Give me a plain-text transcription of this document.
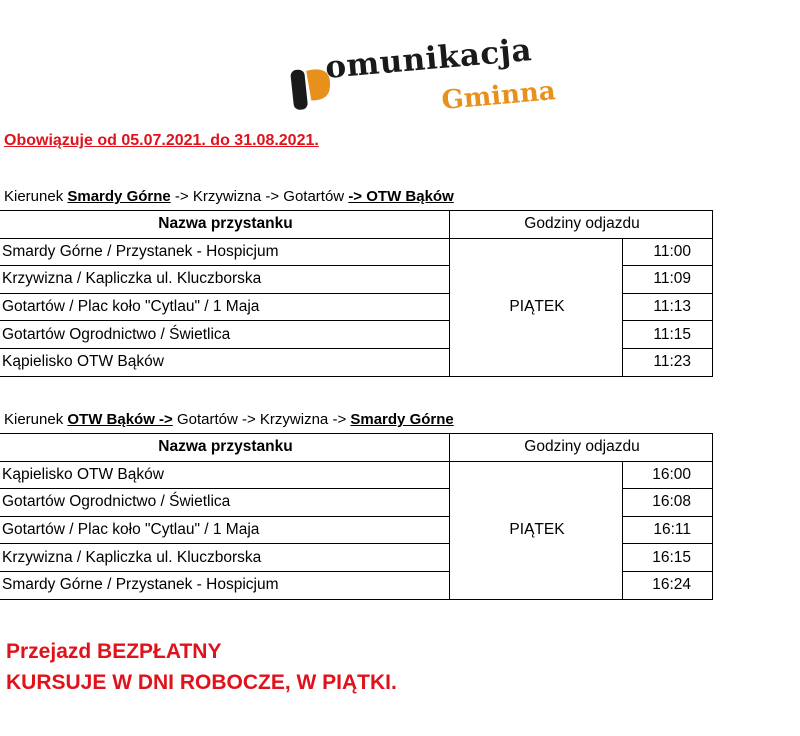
omunikacja
Gminna
Obowiązuje od 05.07.2021. do 31.08.2021.
Kierunek Smardy Górne -> Krzywizna -> Gotartów -> OTW Bąków
Nazwa przystanku	Godziny odjazdu	
Smardy Górne / Przystanek - Hospicjum	PIĄTEK	11:00
Krzywizna / Kapliczka ul. Kluczborska		11:09
Gotartów / Plac koło "Cytlau" / 1 Maja		11:13
Gotartów Ogrodnictwo / Świetlica		11:15
Kąpielisko OTW Bąków		11:23
Kierunek OTW Bąków -> Gotartów -> Krzywizna -> Smardy Górne
Nazwa przystanku	Godziny odjazdu	
Kąpielisko OTW Bąków	PIĄTEK	16:00
Gotartów Ogrodnictwo / Świetlica		16:08
Gotartów / Plac koło "Cytlau" / 1 Maja		16:11
Krzywizna / Kapliczka ul. Kluczborska		16:15
Smardy Górne / Przystanek - Hospicjum		16:24
Przejazd BEZPŁATNY
KURSUJE W DNI ROBOCZE, W PIĄTKI.
